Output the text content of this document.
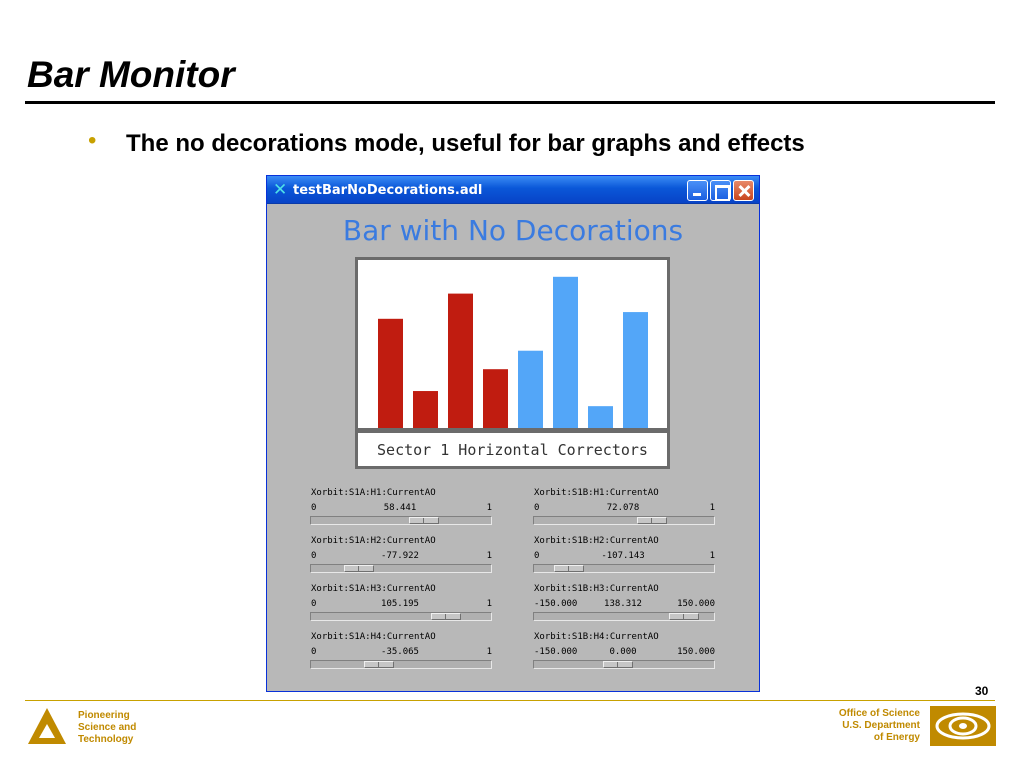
Bar Monitor
• The no decorations mode, useful for bar graphs and effects
✕ testBarNoDecorations.adl
Bar with No Decorations
Sector 1 Horizontal Correctors
Xorbit:S1A:H1:CurrentAO
0	58.441	1
Xorbit:S1B:H1:CurrentAO
0	72.078	1
Xorbit:S1A:H2:CurrentAO
0	-77.922	1
Xorbit:S1B:H2:CurrentAO
0	-107.143	1
Xorbit:S1A:H3:CurrentAO
0	105.195	1
Xorbit:S1B:H3:CurrentAO
-150.000	138.312	150.000
Xorbit:S1A:H4:CurrentAO
0	-35.065	1
Xorbit:S1B:H4:CurrentAO
-150.000	0.000	150.000
30
Pioneering
Science and
Technology
Office of Science
U.S. Department
of Energy
